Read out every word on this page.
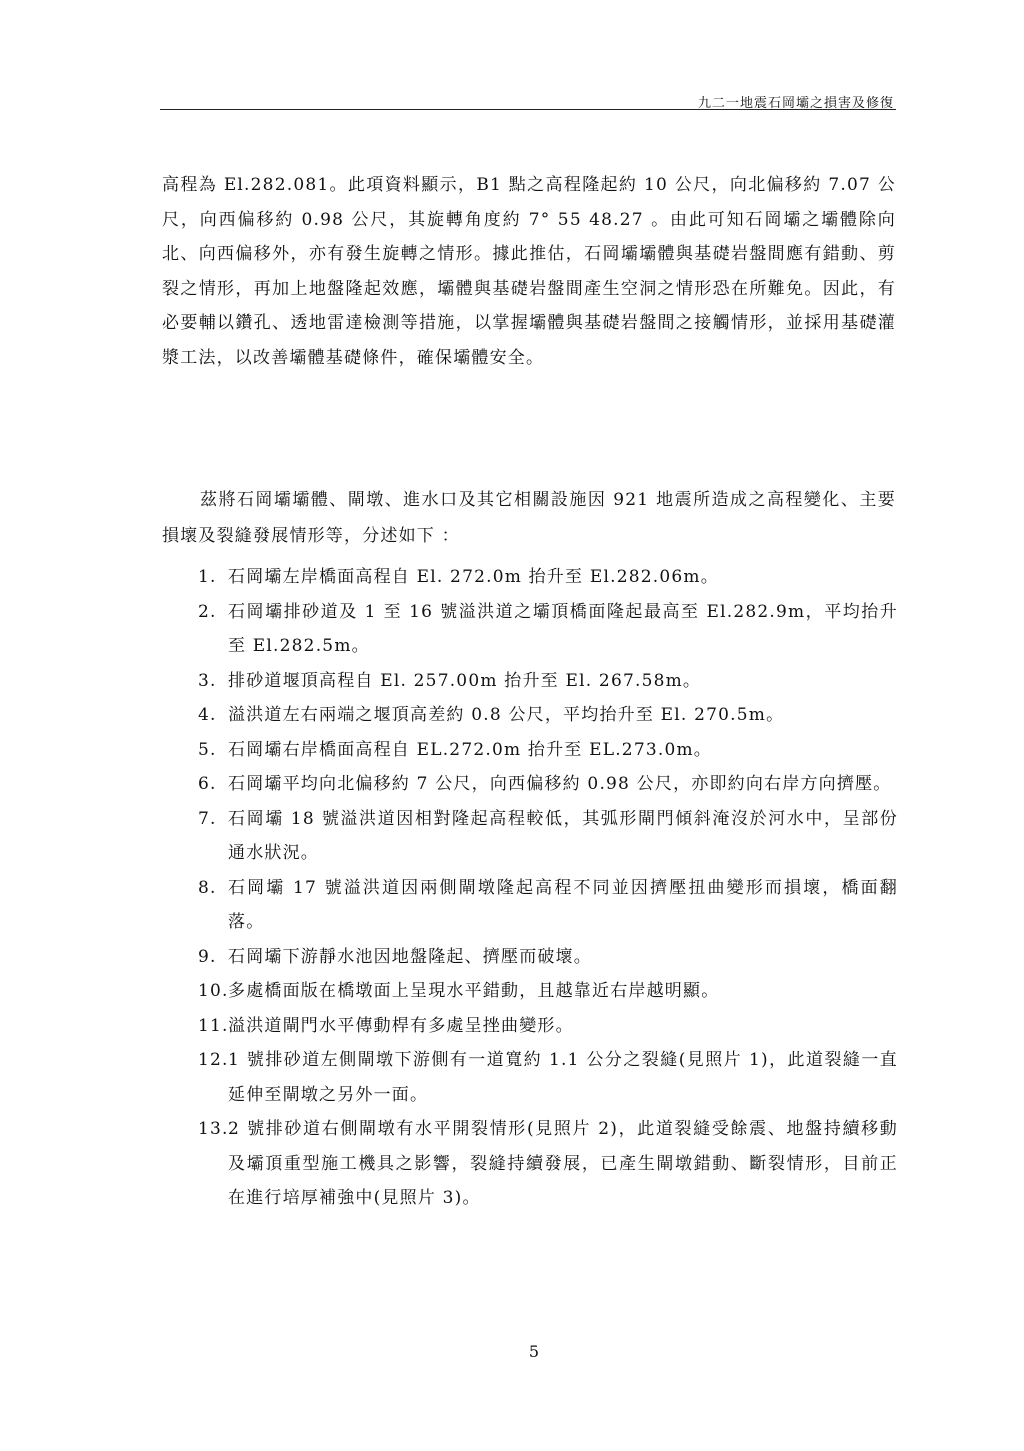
九二一地震石岡壩之損害及修復

高程為 El.282.081。此項資料顯示，B1 點之高程隆起約 10 公尺，向北偏移約 7.07 公尺，向西偏移約 0.98 公尺，其旋轉角度約 7° 55 48.27 。由此可知石岡壩之壩體除向北、向西偏移外，亦有發生旋轉之情形。據此推估，石岡壩壩體與基礎岩盤間應有錯動、剪裂之情形，再加上地盤隆起效應，壩體與基礎岩盤間產生空洞之情形恐在所難免。因此，有必要輔以鑽孔、透地雷達檢測等措施，以掌握壩體與基礎岩盤間之接觸情形，並採用基礎灌漿工法，以改善壩體基礎條件，確保壩體安全。

茲將石岡壩壩體、閘墩、進水口及其它相關設施因 921 地震所造成之高程變化、主要損壞及裂縫發展情形等，分述如下 ：

1. 石岡壩左岸橋面高程自 El. 272.0m 抬升至 El.282.06m。
2. 石岡壩排砂道及 1 至 16 號溢洪道之壩頂橋面隆起最高至 El.282.9m，平均抬升至 El.282.5m。
3. 排砂道堰頂高程自 El. 257.00m 抬升至 El. 267.58m。
4. 溢洪道左右兩端之堰頂高差約 0.8 公尺，平均抬升至 El. 270.5m。
5. 石岡壩右岸橋面高程自 EL.272.0m 抬升至 EL.273.0m。
6. 石岡壩平均向北偏移約 7 公尺，向西偏移約 0.98 公尺，亦即約向右岸方向擠壓。
7. 石岡壩 18 號溢洪道因相對隆起高程較低，其弧形閘門傾斜淹沒於河水中，呈部份通水狀況。
8. 石岡壩 17 號溢洪道因兩側閘墩隆起高程不同並因擠壓扭曲變形而損壞，橋面翻落。
9. 石岡壩下游靜水池因地盤隆起、擠壓而破壞。
10. 多處橋面版在橋墩面上呈現水平錯動，且越靠近右岸越明顯。
11. 溢洪道閘門水平傳動桿有多處呈挫曲變形。
12. 1 號排砂道左側閘墩下游側有一道寬約 1.1 公分之裂縫(見照片 1)，此道裂縫一直延伸至閘墩之另外一面。
13. 2 號排砂道右側閘墩有水平開裂情形(見照片 2)，此道裂縫受餘震、地盤持續移動及壩頂重型施工機具之影響，裂縫持續發展，已產生閘墩錯動、斷裂情形，目前正在進行培厚補強中(見照片 3)。
5
